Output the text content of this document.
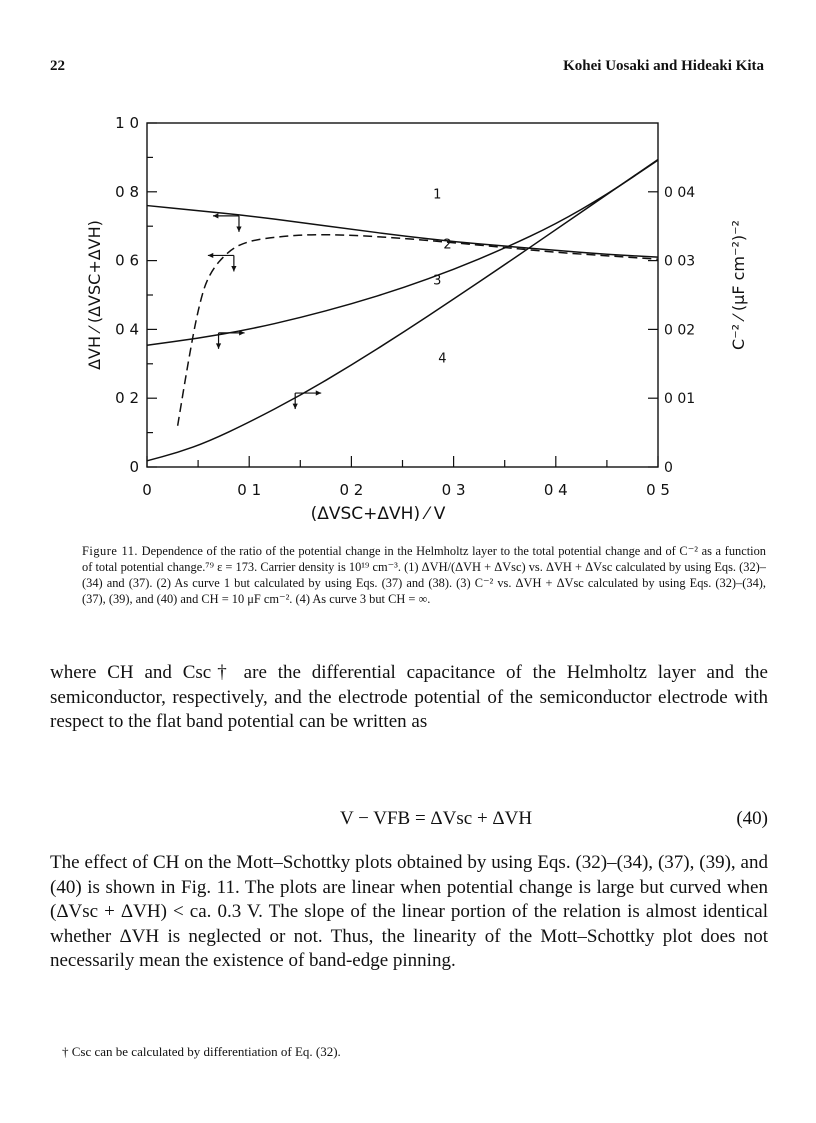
22	Kohei Uosaki and Hideaki Kita
0	0 1	0 2	0 3	0 4	0 5
0
0 2
0 4
0 6
0 8
1 0
0
0 01
0 02
0 03
0 04
1
2
3
4
(ΔVSC+ΔVH) ⁄ V
ΔVH ⁄ (ΔVSC+ΔVH)	C⁻² ⁄ (μF cm⁻²)⁻²
Figure 11. Dependence of the ratio of the potential change in the Helmholtz layer to the total potential change and of C⁻² as a function of total potential change.⁷⁹ ε = 173. Carrier density is 10¹⁹ cm⁻³. (1) ΔVH/(ΔVH + ΔVsc) vs. ΔVH + ΔVsc calculated by using Eqs. (32)–(34) and (37). (2) As curve 1 but calculated by using Eqs. (37) and (38). (3) C⁻² vs. ΔVH + ΔVsc calculated by using Eqs. (32)–(34), (37), (39), and (40) and CH = 10 μF cm⁻². (4) As curve 3 but CH = ∞.
where CH and Csc† are the differential capacitance of the Helmholtz layer and the semiconductor, respectively, and the electrode potential of the semiconductor electrode with respect to the flat band potential can be written as
V − VFB = ΔVsc + ΔVH	(40)
The effect of CH on the Mott–Schottky plots obtained by using Eqs. (32)–(34), (37), (39), and (40) is shown in Fig. 11. The plots are linear when potential change is large but curved when (ΔVsc + ΔVH) < ca. 0.3 V. The slope of the linear portion of the relation is almost identical whether ΔVH is neglected or not. Thus, the linearity of the Mott–Schottky plot does not necessarily mean the existence of band-edge pinning.
† Csc can be calculated by differentiation of Eq. (32).
